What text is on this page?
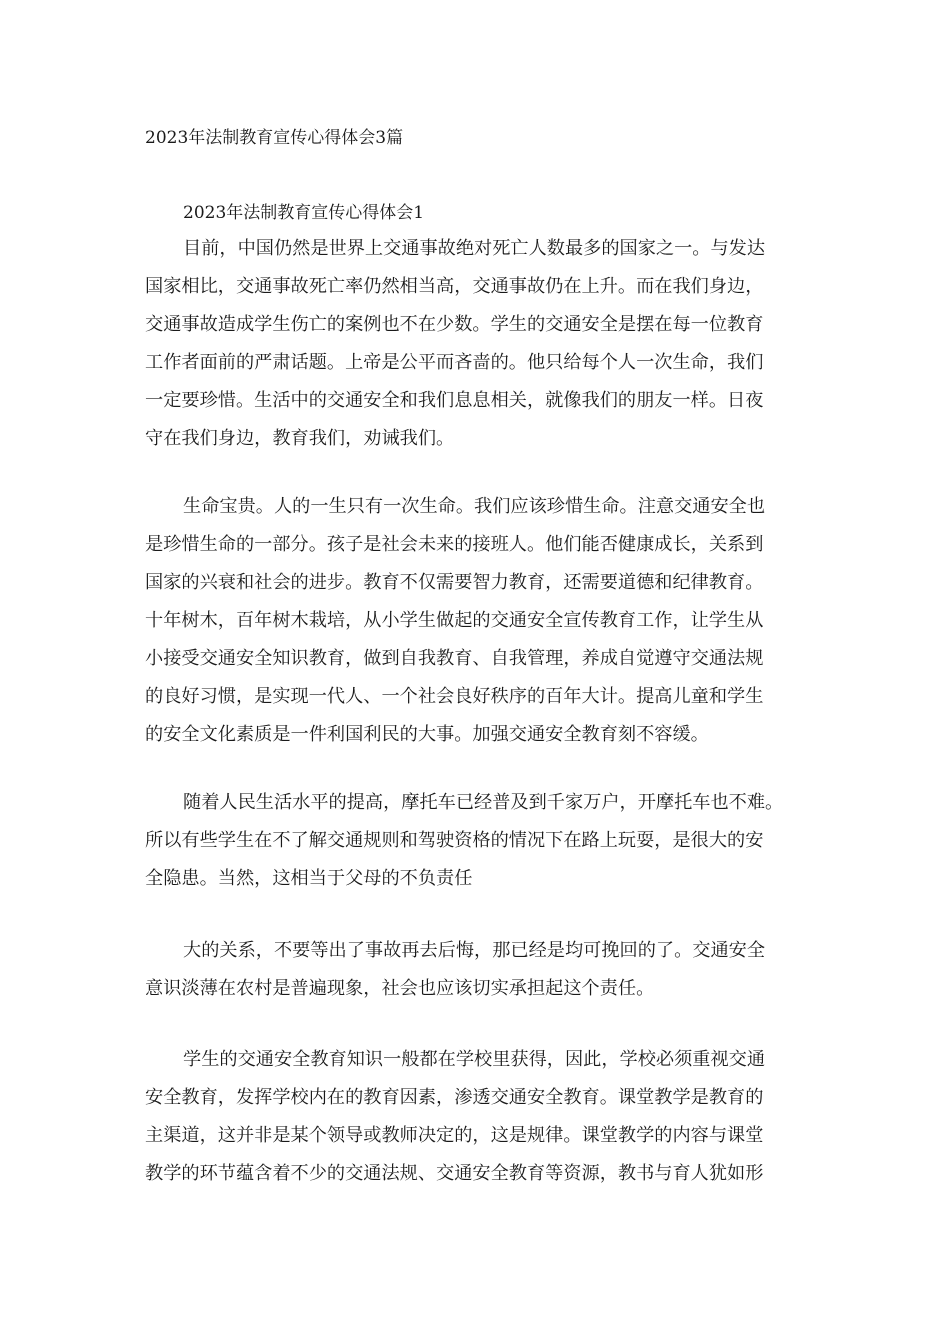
2023年法制教育宣传心得体会3篇
2023年法制教育宣传心得体会1
目前，中国仍然是世界上交通事故绝对死亡人数最多的国家之一。与发达
国家相比，交通事故死亡率仍然相当高，交通事故仍在上升。而在我们身边，
交通事故造成学生伤亡的案例也不在少数。学生的交通安全是摆在每一位教育
工作者面前的严肃话题。上帝是公平而吝啬的。他只给每个人一次生命，我们
一定要珍惜。生活中的交通安全和我们息息相关，就像我们的朋友一样。日夜
守在我们身边，教育我们，劝诫我们。
生命宝贵。人的一生只有一次生命。我们应该珍惜生命。注意交通安全也
是珍惜生命的一部分。孩子是社会未来的接班人。他们能否健康成长，关系到
国家的兴衰和社会的进步。教育不仅需要智力教育，还需要道德和纪律教育。
十年树木，百年树木栽培，从小学生做起的交通安全宣传教育工作，让学生从
小接受交通安全知识教育，做到自我教育、自我管理，养成自觉遵守交通法规
的良好习惯，是实现一代人、一个社会良好秩序的百年大计。提高儿童和学生
的安全文化素质是一件利国利民的大事。加强交通安全教育刻不容缓。
随着人民生活水平的提高，摩托车已经普及到千家万户，开摩托车也不难。
所以有些学生在不了解交通规则和驾驶资格的情况下在路上玩耍，是很大的安
全隐患。当然，这相当于父母的不负责任
大的关系，不要等出了事故再去后悔，那已经是均可挽回的了。交通安全
意识淡薄在农村是普遍现象，社会也应该切实承担起这个责任。
学生的交通安全教育知识一般都在学校里获得，因此，学校必须重视交通
安全教育，发挥学校内在的教育因素，渗透交通安全教育。课堂教学是教育的
主渠道，这并非是某个领导或教师决定的，这是规律。课堂教学的内容与课堂
教学的环节蕴含着不少的交通法规、交通安全教育等资源，教书与育人犹如形
